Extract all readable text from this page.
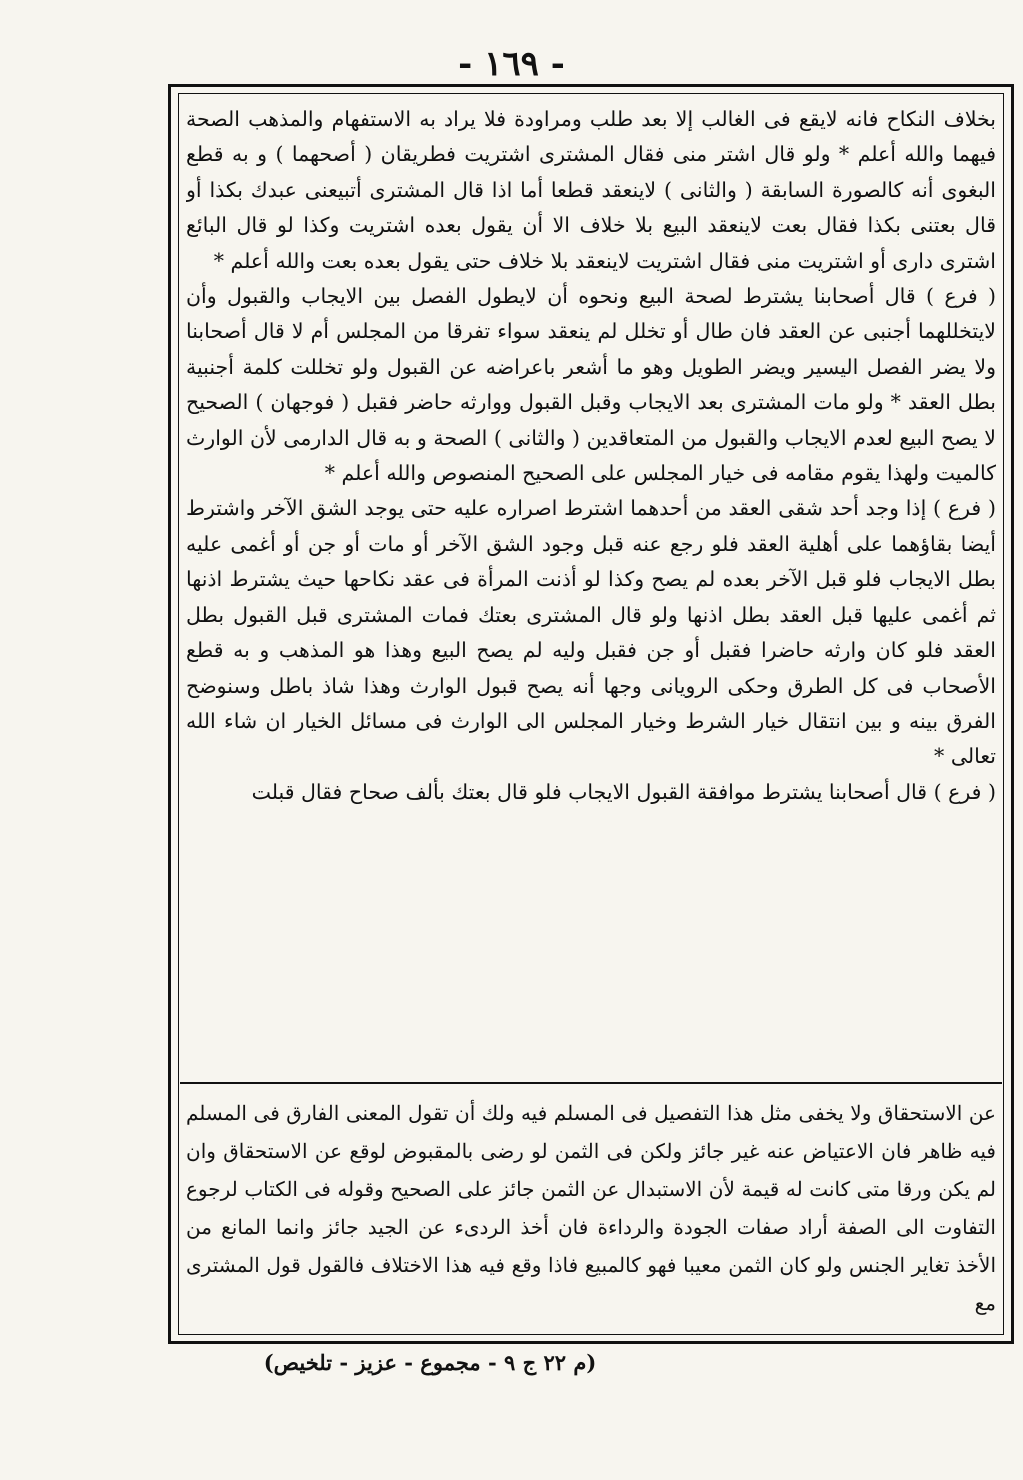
- ١٦٩ -

بخلاف النكاح فانه لايقع فى الغالب إلا بعد طلب ومراودة فلا يراد به الاستفهام والمذهب الصحة فيهما والله أعلم * ولو قال اشتر منى فقال المشترى اشتريت فطريقان ( أصحهما ) و به قطع البغوى أنه كالصورة السابقة ( والثانى ) لاينعقد قطعا أما اذا قال المشترى أتبيعنى عبدك بكذا أو قال بعتنى بكذا فقال بعت لاينعقد البيع بلا خلاف الا أن يقول بعده اشتريت وكذا لو قال البائع اشترى دارى أو اشتريت منى فقال اشتريت لاينعقد بلا خلاف حتى يقول بعده بعت والله أعلم *

( فرع ) قال أصحابنا يشترط لصحة البيع ونحوه أن لايطول الفصل بين الايجاب والقبول وأن لايتخللهما أجنبى عن العقد فان طال أو تخلل لم ينعقد سواء تفرقا من المجلس أم لا قال أصحابنا ولا يضر الفصل اليسير ويضر الطويل وهو ما أشعر باعراضه عن القبول ولو تخللت كلمة أجنبية بطل العقد * ولو مات المشترى بعد الايجاب وقبل القبول ووارثه حاضر فقبل ( فوجهان ) الصحيح لا يصح البيع لعدم الايجاب والقبول من المتعاقدين ( والثانى ) الصحة و به قال الدارمى لأن الوارث كالميت ولهذا يقوم مقامه فى خيار المجلس على الصحيح المنصوص والله أعلم *

( فرع ) إذا وجد أحد شقى العقد من أحدهما اشترط اصراره عليه حتى يوجد الشق الآخر واشترط أيضا بقاؤهما على أهلية العقد فلو رجع عنه قبل وجود الشق الآخر أو مات أو جن أو أغمى عليه بطل الايجاب فلو قبل الآخر بعده لم يصح وكذا لو أذنت المرأة فى عقد نكاحها حيث يشترط اذنها ثم أغمى عليها قبل العقد بطل اذنها ولو قال المشترى بعتك فمات المشترى قبل القبول بطل العقد فلو كان وارثه حاضرا فقبل أو جن فقبل وليه لم يصح البيع وهذا هو المذهب و به قطع الأصحاب فى كل الطرق وحكى الرويانى وجها أنه يصح قبول الوارث وهذا شاذ باطل وسنوضح الفرق بينه و بين انتقال خيار الشرط وخيار المجلس الى الوارث فى مسائل الخيار ان شاء الله تعالى *

( فرع ) قال أصحابنا يشترط موافقة القبول الايجاب فلو قال بعتك بألف صحاح فقال قبلت

عن الاستحقاق ولا يخفى مثل هذا التفصيل فى المسلم فيه ولك أن تقول المعنى الفارق فى المسلم فيه ظاهر فان الاعتياض عنه غير جائز ولكن فى الثمن لو رضى بالمقبوض لوقع عن الاستحقاق وان لم يكن ورقا متى كانت له قيمة لأن الاستبدال عن الثمن جائز على الصحيح وقوله فى الكتاب لرجوع التفاوت الى الصفة أراد صفات الجودة والرداءة فان أخذ الردىء عن الجيد جائز وانما المانع من الأخذ تغاير الجنس ولو كان الثمن معيبا فهو كالمبيع فاذا وقع فيه هذا الاختلاف فالقول قول المشترى مع

(م ٢٢ ج ٩ - مجموع - عزيز - تلخيص)
